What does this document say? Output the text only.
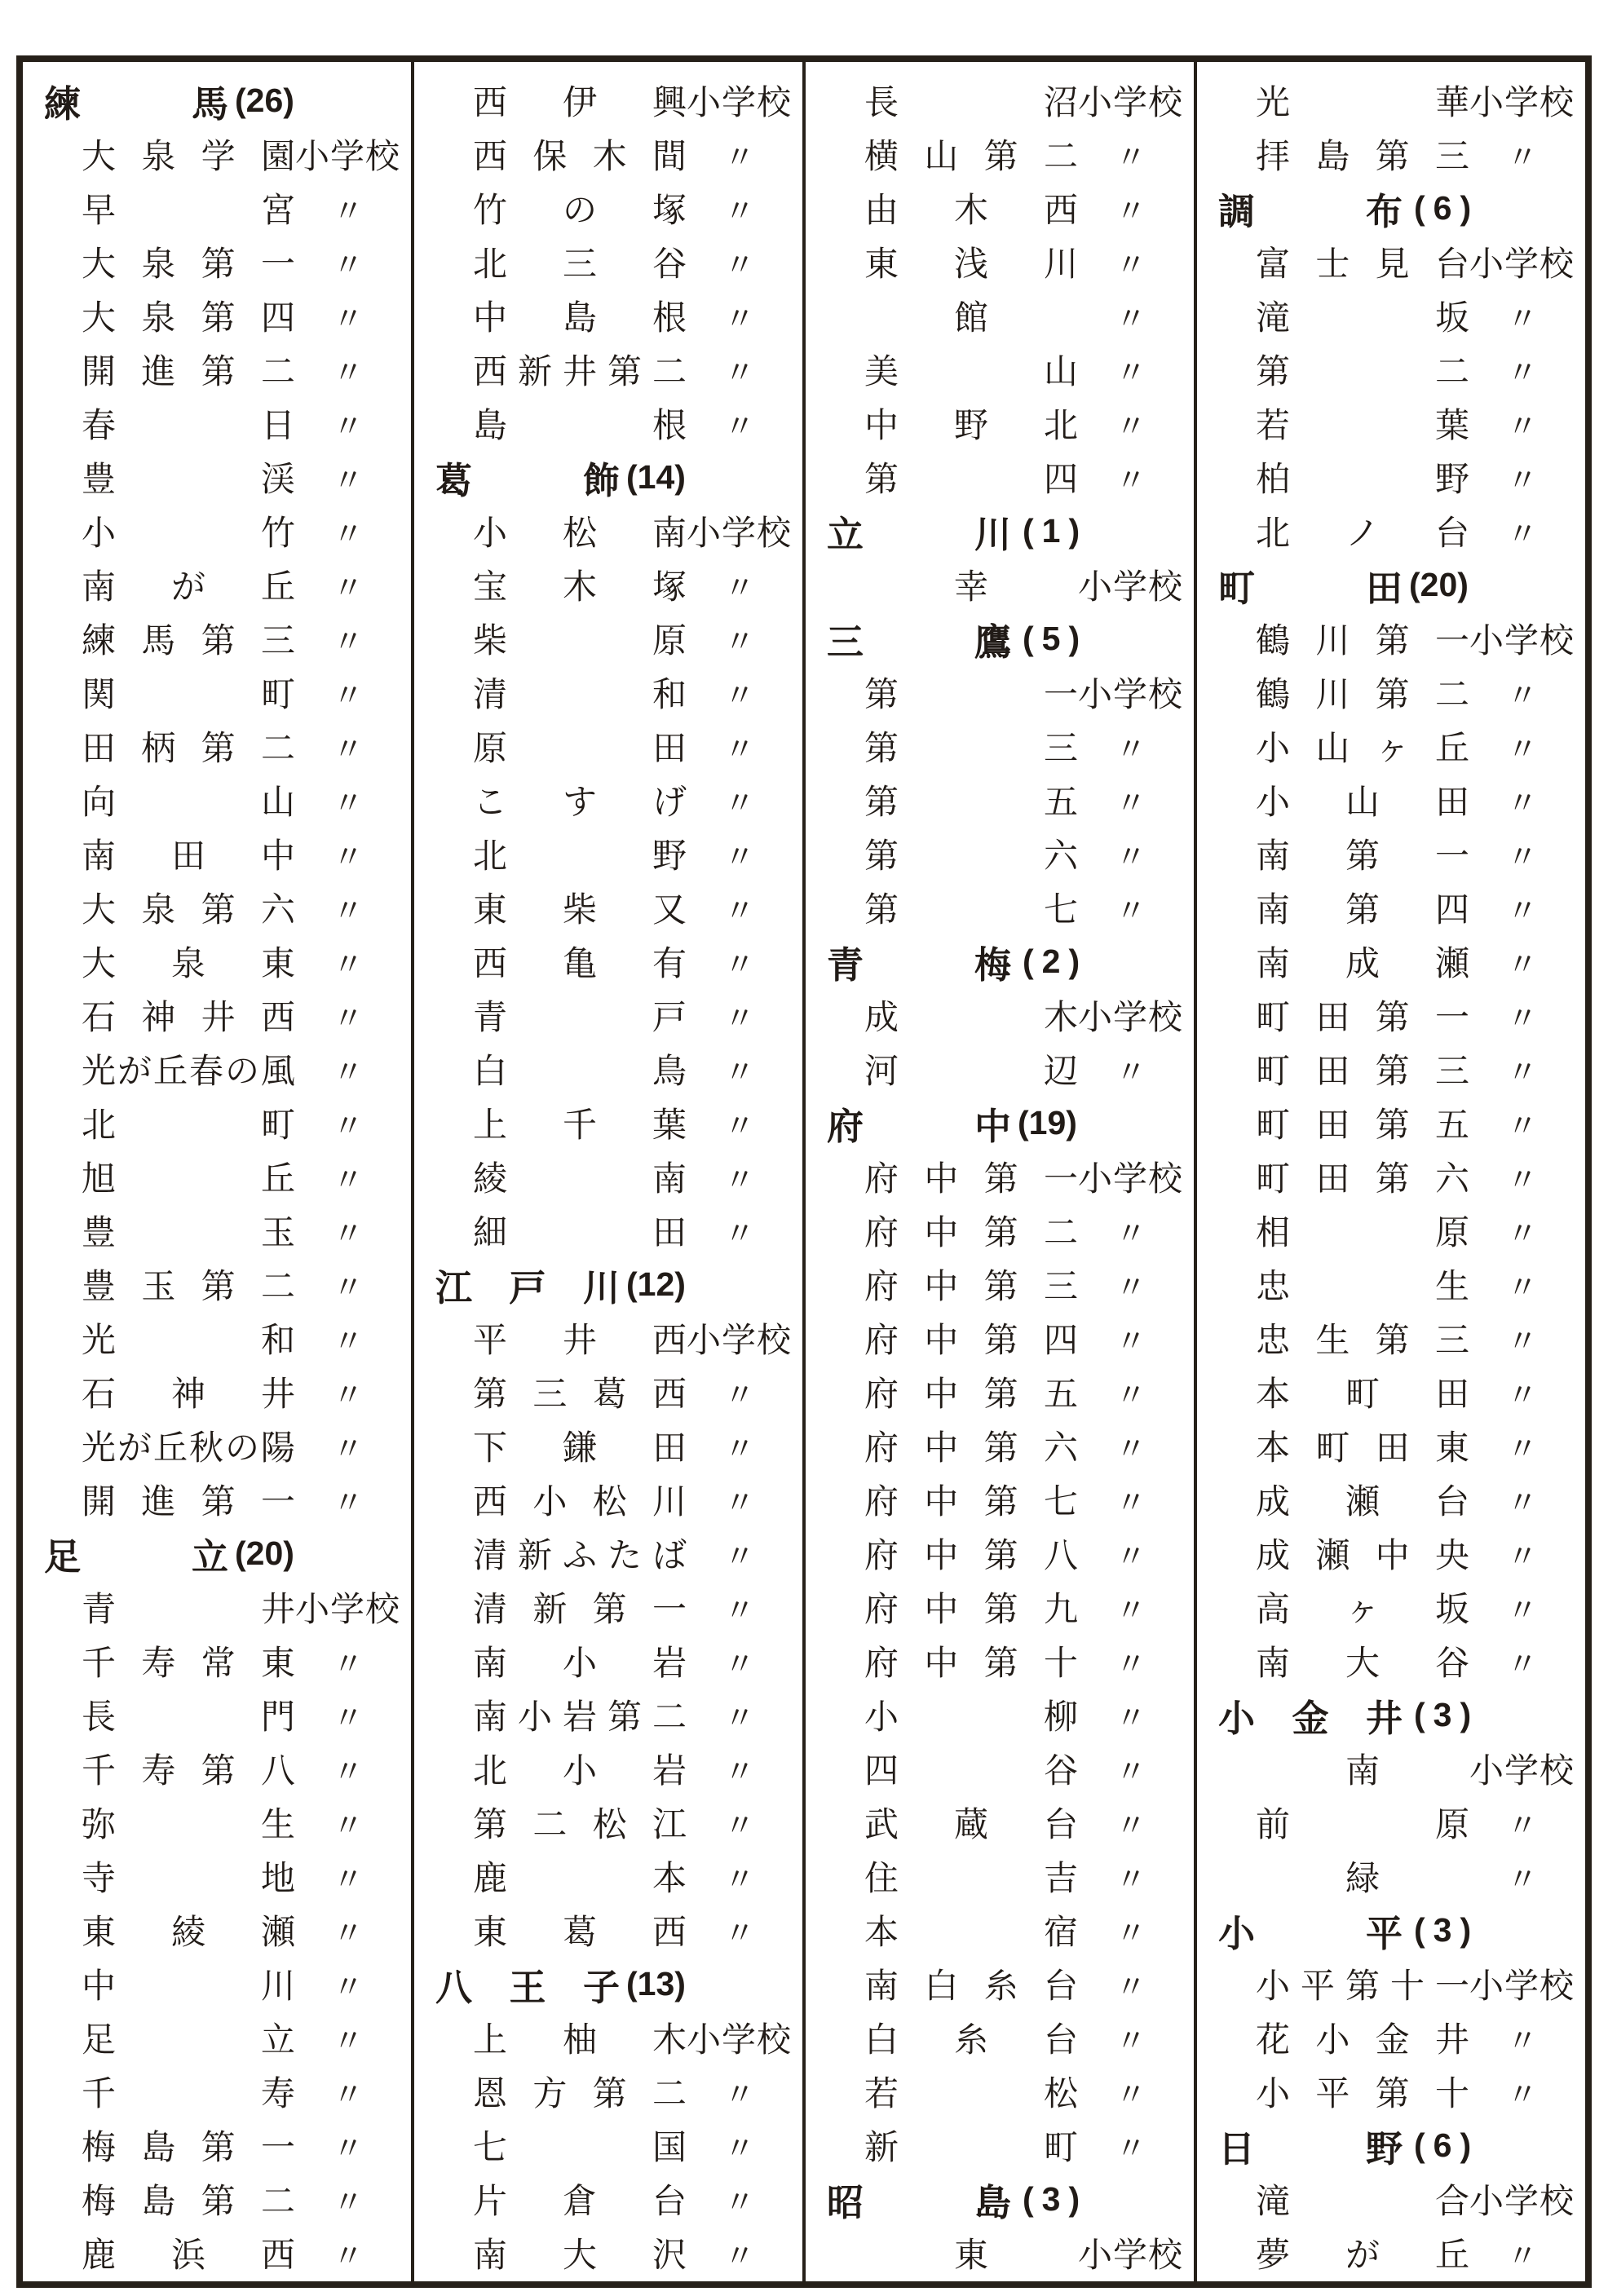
練	馬 (26)
大 泉 学 園 小学校
早	宮	〃
大 泉 第 一	〃
大 泉 第 四	〃
開 進 第 二	〃
春	日	〃
豊	渓	〃
小	竹	〃
南 が 丘	〃
練 馬 第 三	〃
関	町	〃
田 柄 第 二	〃
向	山	〃
南 田 中	〃
大 泉 第 六	〃
大 泉 東	〃
石 神 井 西	〃
光 が 丘 春 の 風	〃
北	町	〃
旭	丘	〃
豊	玉	〃
豊 玉 第 二	〃
光	和	〃
石 神 井	〃
光 が 丘 秋 の 陽	〃
開 進 第 一	〃
足	立 (20)
青	井 小学校
千 寿 常 東	〃
長	門	〃
千 寿 第 八	〃
弥	生	〃
寺	地	〃
東 綾 瀬	〃
中	川	〃
足	立	〃
千	寿	〃
梅 島 第 一	〃
梅 島 第 二	〃
鹿 浜 西	〃
西 伊 興 小学校
西 保 木 間	〃
竹 の 塚	〃
北 三 谷	〃
中 島 根	〃
西 新 井 第 二	〃
島	根	〃
葛	飾 (14)
小 松 南 小学校
宝 木 塚	〃
柴	原	〃
清	和	〃
原	田	〃
こ す げ	〃
北	野	〃
東 柴 又	〃
西 亀 有	〃
青	戸	〃
白	鳥	〃
上 千 葉	〃
綾	南	〃
細	田	〃
江 戸 川 (12)
平 井 西 小学校
第 三 葛 西	〃
下 鎌 田	〃
西 小 松 川	〃
清 新 ふ た ば	〃
清 新 第 一	〃
南 小 岩	〃
南 小 岩 第 二	〃
北 小 岩	〃
第 二 松 江	〃
鹿	本	〃
東 葛 西	〃
八 王 子 (13)
上 柚 木 小学校
恩 方 第 二	〃
七	国	〃
片 倉 台	〃
南 大 沢	〃
長	沼 小学校
横 山 第 二	〃
由 木 西	〃
東 浅 川	〃
館	〃
美	山	〃
中 野 北	〃
第	四	〃
立	川 (1)
幸	小学校
三	鷹 (5)
第	一 小学校
第	三	〃
第	五	〃
第	六	〃
第	七	〃
青	梅 (2)
成	木 小学校
河	辺	〃
府	中 (19)
府 中 第 一 小学校
府 中 第 二	〃
府 中 第 三	〃
府 中 第 四	〃
府 中 第 五	〃
府 中 第 六	〃
府 中 第 七	〃
府 中 第 八	〃
府 中 第 九	〃
府 中 第 十	〃
小	柳	〃
四	谷	〃
武 蔵 台	〃
住	吉	〃
本	宿	〃
南 白 糸 台	〃
白 糸 台	〃
若	松	〃
新	町	〃
昭	島 (3)
東	小学校
光	華 小学校
拝 島 第 三	〃
調	布 (6)
富 士 見 台 小学校
滝	坂	〃
第	二	〃
若	葉	〃
柏	野	〃
北 ノ 台	〃
町	田 (20)
鶴 川 第 一 小学校
鶴 川 第 二	〃
小 山 ヶ 丘	〃
小 山 田	〃
南 第 一	〃
南 第 四	〃
南 成 瀬	〃
町 田 第 一	〃
町 田 第 三	〃
町 田 第 五	〃
町 田 第 六	〃
相	原	〃
忠	生	〃
忠 生 第 三	〃
本 町 田	〃
本 町 田 東	〃
成 瀬 台	〃
成 瀬 中 央	〃
高 ヶ 坂	〃
南 大 谷	〃
小 金 井 (3)
南	小学校
前	原	〃
緑	〃
小	平 (3)
小 平 第 十 一 小学校
花 小 金 井	〃
小 平 第 十	〃
日	野 (6)
滝	合 小学校
夢 が 丘	〃
